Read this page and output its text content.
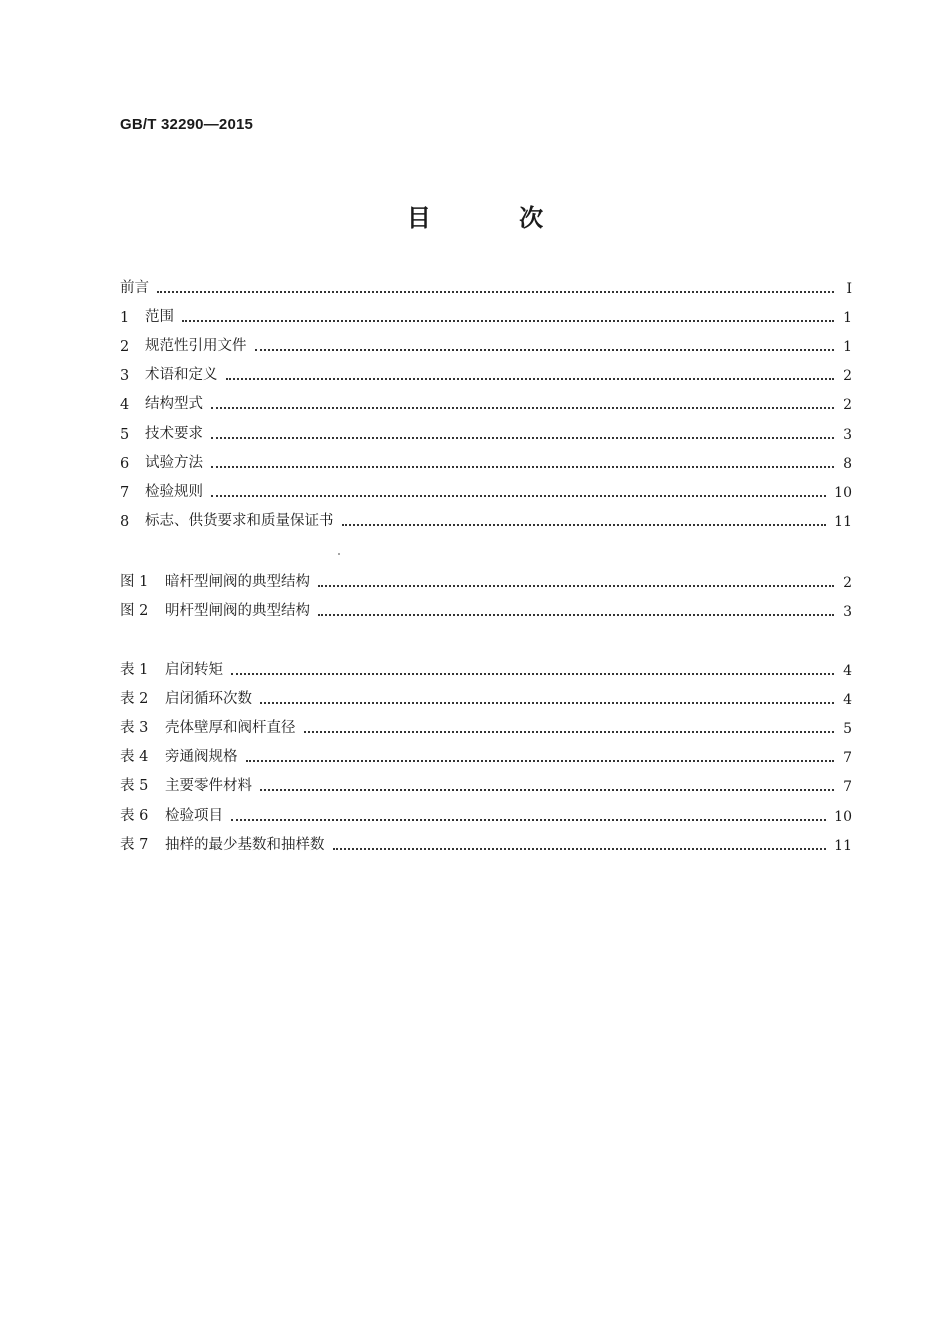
GB/T 32290—2015
目 次
前言	Ⅰ
1	范围	1
2	规范性引用文件	1
3	术语和定义	2
4	结构型式	2
5	技术要求	3
6	试验方法	8
7	检验规则	10
8	标志、供货要求和质量保证书	11
图 1	暗杆型闸阀的典型结构	2
图 2	明杆型闸阀的典型结构	3
表 1	启闭转矩	4
表 2	启闭循环次数	4
表 3	壳体壁厚和阀杆直径	5
表 4	旁通阀规格	7
表 5	主要零件材料	7
表 6	检验项目	10
表 7	抽样的最少基数和抽样数	11
